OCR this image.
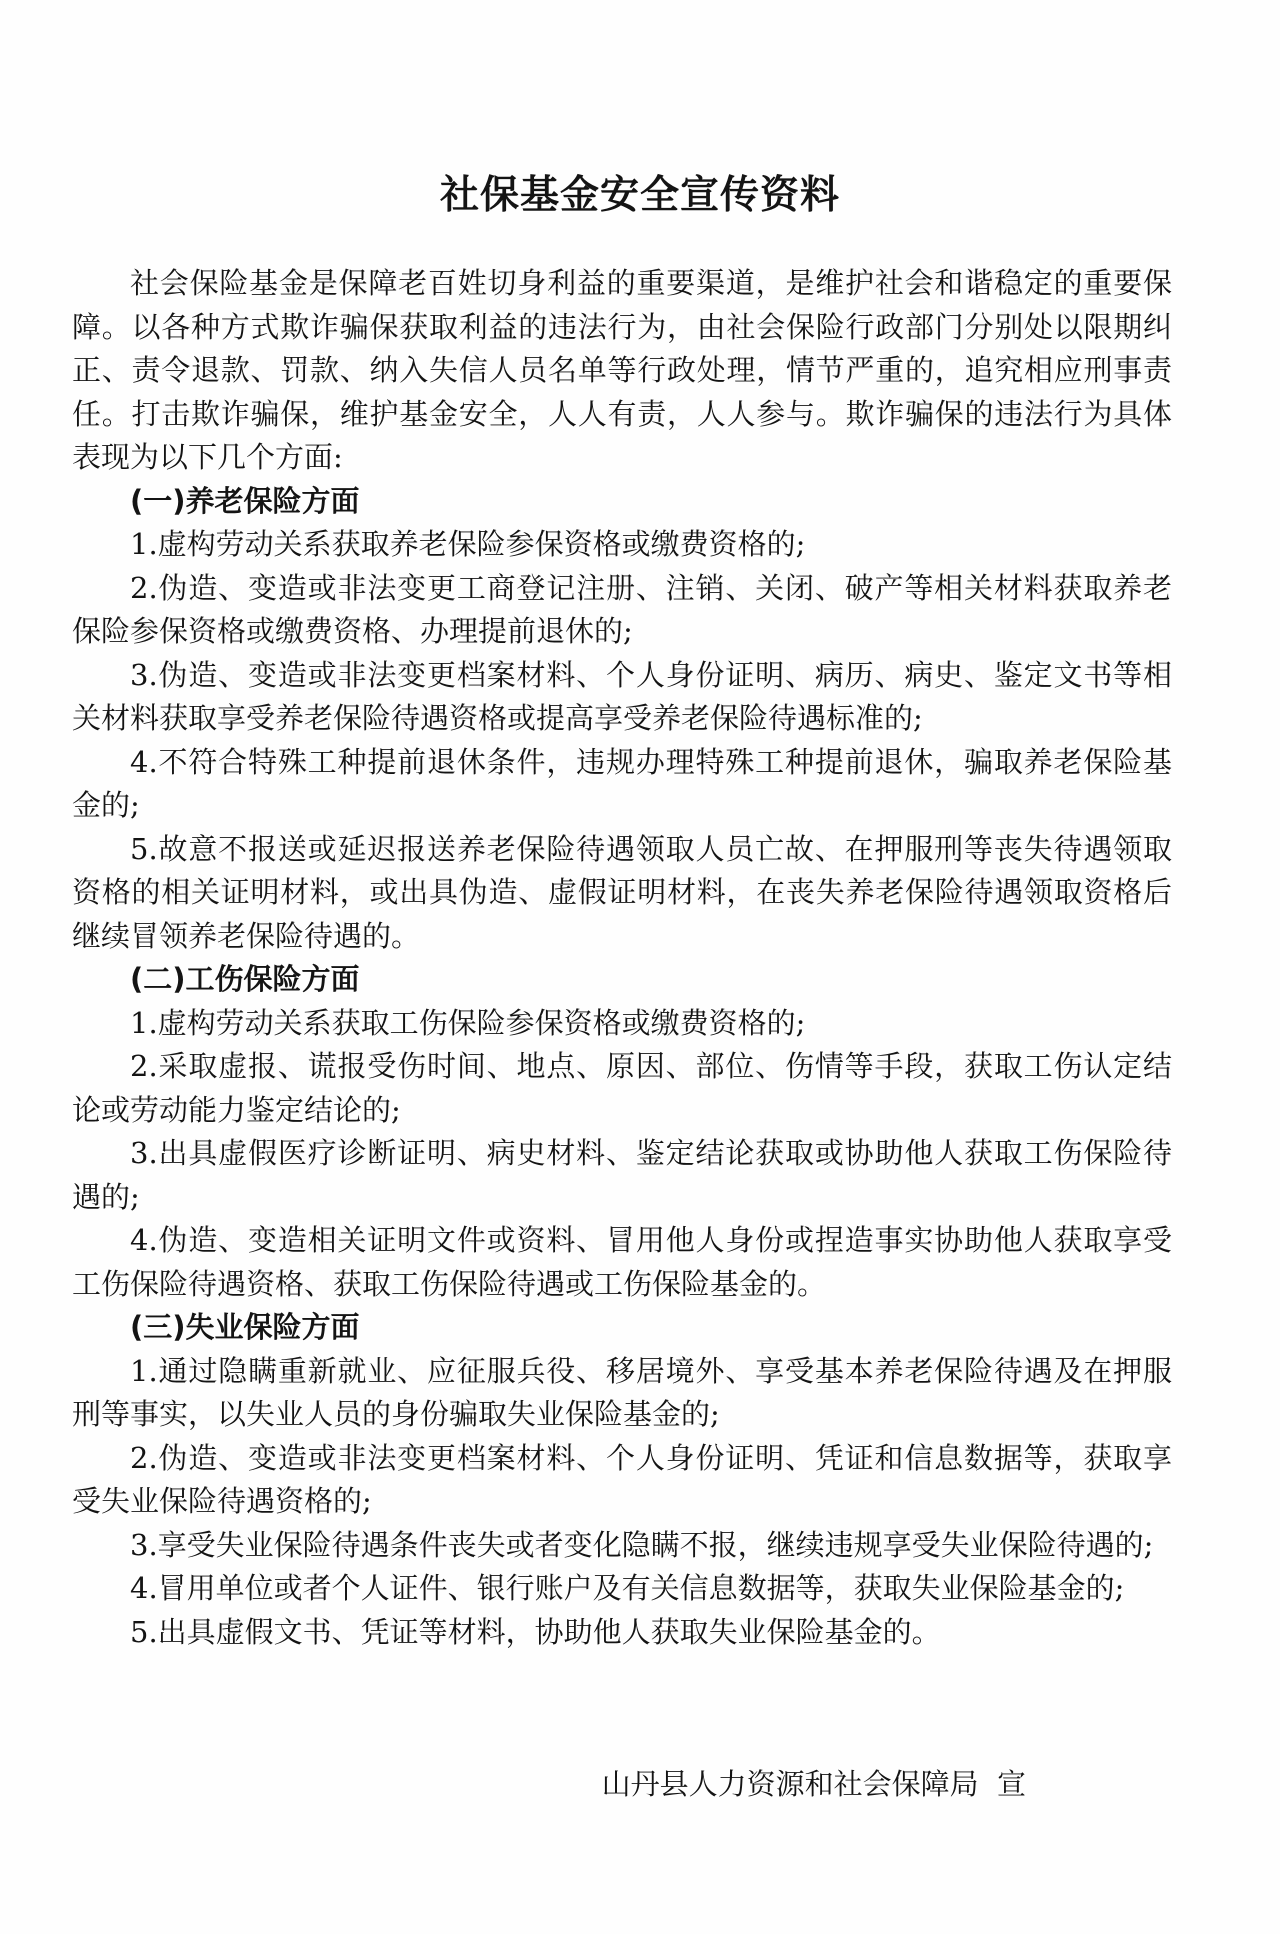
社保基金安全宣传资料

社会保险基金是保障老百姓切身利益的重要渠道，是维护社会和谐稳定的重要保障。以各种方式欺诈骗保获取利益的违法行为，由社会保险行政部门分别处以限期纠正、责令退款、罚款、纳入失信人员名单等行政处理，情节严重的，追究相应刑事责任。打击欺诈骗保，维护基金安全，人人有责，人人参与。欺诈骗保的违法行为具体表现为以下几个方面:

(一)养老保险方面

1.虚构劳动关系获取养老保险参保资格或缴费资格的;

2.伪造、变造或非法变更工商登记注册、注销、关闭、破产等相关材料获取养老保险参保资格或缴费资格、办理提前退休的;

3.伪造、变造或非法变更档案材料、个人身份证明、病历、病史、鉴定文书等相关材料获取享受养老保险待遇资格或提高享受养老保险待遇标准的;

4.不符合特殊工种提前退休条件，违规办理特殊工种提前退休，骗取养老保险基金的;

5.故意不报送或延迟报送养老保险待遇领取人员亡故、在押服刑等丧失待遇领取资格的相关证明材料，或出具伪造、虚假证明材料，在丧失养老保险待遇领取资格后继续冒领养老保险待遇的。

(二)工伤保险方面

1.虚构劳动关系获取工伤保险参保资格或缴费资格的;

2.采取虚报、谎报受伤时间、地点、原因、部位、伤情等手段，获取工伤认定结论或劳动能力鉴定结论的;

3.出具虚假医疗诊断证明、病史材料、鉴定结论获取或协助他人获取工伤保险待遇的;

4.伪造、变造相关证明文件或资料、冒用他人身份或捏造事实协助他人获取享受工伤保险待遇资格、获取工伤保险待遇或工伤保险基金的。

(三)失业保险方面

1.通过隐瞒重新就业、应征服兵役、移居境外、享受基本养老保险待遇及在押服刑等事实，以失业人员的身份骗取失业保险基金的;

2.伪造、变造或非法变更档案材料、个人身份证明、凭证和信息数据等，获取享受失业保险待遇资格的;

3.享受失业保险待遇条件丧失或者变化隐瞒不报，继续违规享受失业保险待遇的;

4.冒用单位或者个人证件、银行账户及有关信息数据等，获取失业保险基金的;

5.出具虚假文书、凭证等材料，协助他人获取失业保险基金的。

山丹县人力资源和社会保障局  宣
